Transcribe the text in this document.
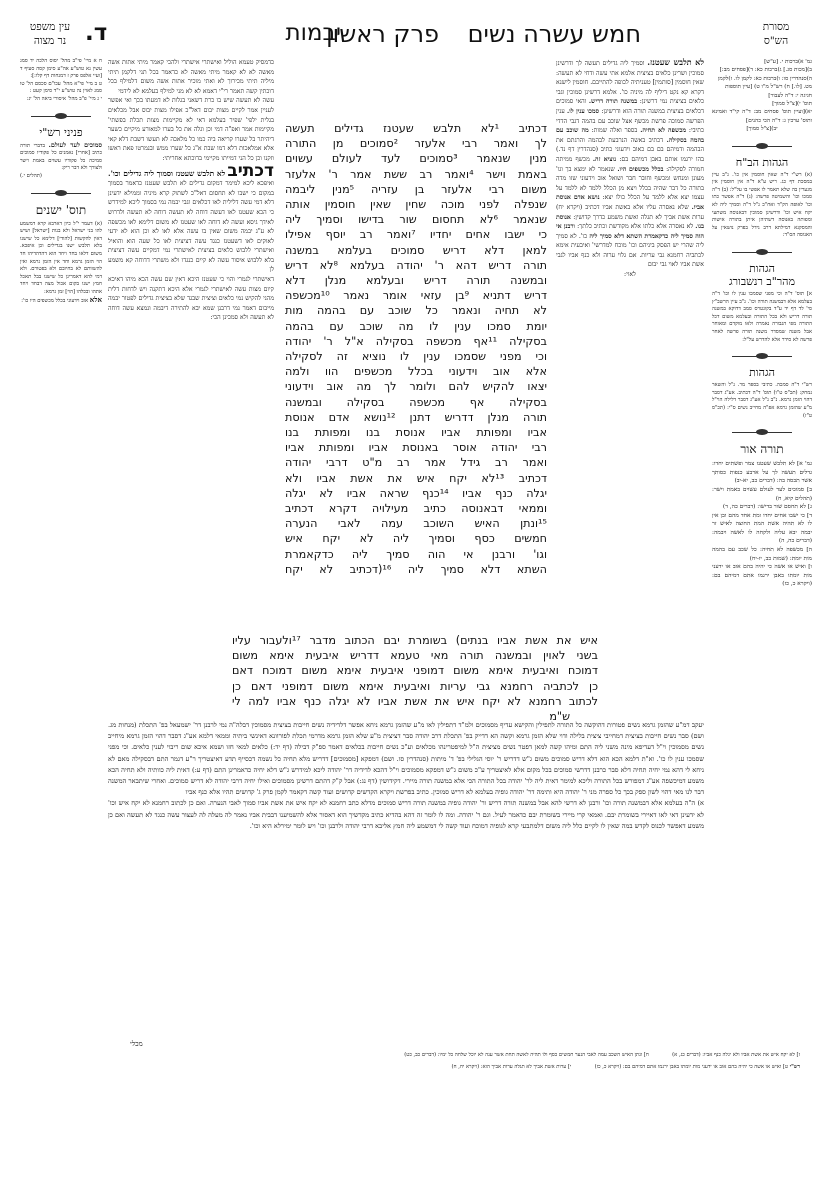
מסורת
הש"ס
חמש עשרה נשים
פרק ראשון
יבמות
ד.
עין משפט
נר מצוה
ח א מיי' פי"ב מהל' יסוס הלכה יד סמג עשין נא טוש"ע אה"ע סימן קסה סעיף ד [ועיי אלפס פרק ז דמנחות דף קלו:]:
ט ב מיי' פי"א מהל' עכו"ם סכסם הל' טו סמג לאוין נה טוש"ע י"ד סימן קעט :
י ג מיי' פ"ב מהל' איסורי ביאה הל' יג:
פניני רש"י
סמוכים לעד לעולם. בדברי תורה כתיב [אחרי] נאמנים כל פקודיו סמוכים סמיכה כל פקודיו עשוים באמת וישר ולצורך ולא דבר ריק:
(תהלים י.)
תוס' ישנים
(א) דעמר י"ל כיון דארבא קרא דמשמע להו בני ישראל ולא בנות [ישראל] ושיש דאין להקשות [להודי] דלימא כל שישנו בלא תלבש ישנו בגדילים וכן איפכא. משום דלאו בחד ויחד הוא דהדהדיהו חד הוי הזמן גרמא וחד אין הזמן גרמא ואין להשוותם לא בחיובם ולא בפטורם. ולא דמי להא דאמרינן כל שישנו בבל תאכל חמץ ישנו בקום אכול מצה דבחד ויחד אתהו ובכלהו [הוי] זמן גרמא:
אלא אוב וידעוני בכלל מכשפים היו כו':

כדמסיק טעמא הוליל ואישתרי אישתרי ולהכי קאמר מיתי אתות אשה מאשה לא לא קאמר מיתי מאשה לא כדאמר בכל תני דלקמן תיתי מיליה תיתי מכירוך לא ואתי מוכיר אתות אשה משום דלמילף בכל דוכתין קשה תאמר רי"י דאמא לא לא מני למילף בעלמא לא לידמי

עשה לא תעשה שיש בו כרת דשאני בגלות לא דמעתו בכך ואי אפשר לעניין אמר לקיים מצות יבום דאל"כ אפילו מצות יבוס אבל מכלאים בגלית ילפי' שפיר בעלמא דאי לא מקיימות מצות תכלת בפשתי' מקיימות אמר ואפ"ה דמי וכן וגלה את כל בערו למאורע מיקיים כשער דיהיתר בל שערו קריאה ביה כמו כל מלאכה לא תעשו דשבת דלא קאי אלא אמלאכות דלא דמו שבת א"נ כל שערו ממש ובנמרטו פאת ראשו וזקנו וכן כל הני דמייתו מקיימי בדוכתא אחריתי:

דכתיב לא תלבש שעטנז וסמוך ליה גדילים וכו'. ואיפכא ליכא למימר דמקום גדילים לא תלבש שעטנז כדאמר בסמוך במקום כי ישבו לא תחסום דאל"כ לשתוק קרא מיניה וממילא ידעינן דלא דמי עשה דלילית לאו דכלאים וגבי יבמה נמי בסמוך ליכא למידרש כי הכא שעטנז לאו דעשה דוחה לא תעשה דוחה לא תעשה ולדרוש לאידך גיסא ועשה לא דוחה לאו שעטנז לא משום דלימא לאו מכשפה לא ע"ג יבמה משום שאין בו עשה אלא לאו לא וכן הוא לא ידעי לאוקים לאו דשעטנז כנגד עשה דציצית לאו כל שעה הוא והואיל ואישתרי ללבוש כלאים בציצית לאישתרי נמי דמקיים עשה דציצית בלא ללבוש איסור עשה לא קיים כנגדו ולא משתרי דדוחה קא משמע לן

דאישתרי לגמרי והוי כי שעטנז היכא דאין שם עשה הכא מיהו דאיכא קיום מצות עשה לאישתרי לגמרי אלא היכא דתקנה ויש לדחות דלית מהני להקיש נמי כלאים וציצית שבגד שלא בציצית גדילים לפטור יבמה מייבום דאמר נמי דרבנן שמא יבא להתירה דיבמה ונמצא עשה דוחה לא תעשה ולא סמכינן הכי:

דכתיב ¹לא תלבש שעטנז גדילים תעשה
לך ואמר רבי אלעזר ²סמוכים מן התורה
מנין שנאמר ³סמוכים לעד לעולם עשוים
באמת וישר ⁴ואמר רב ששת אמר ר' אלעזר
משום רבי אלעזר בן עזריה ⁵מנין ליבמה
שנפלה לפני מוכה שחין שאין חוסמין אותה
שנאמר ⁶לא תחסום שור בדישו וסמיך ליה
כי ישבו אחים יחדיו ⁷ואמר רב יוסף אפילו
למאן דלא דריש סמוכים בעלמא במשנה
תורה דריש דהא ר' יהודה בעלמא ⁸לא דריש
ובמשנה תורה דריש ובעלמא מנלן דלא
דריש דתניא ⁹בן עזאי אומר נאמר ¹⁰מכשפה
לא תחיה ונאמר כל שוכב עם בהמה מות
יומת סמכו ענין לו מה שוכב עם בהמה
בסקילה ¹¹אף מכשפה בסקילה א"ל ר' יהודה
וכי מפני שסמכו ענין לו נוציא זה לסקילה
אלא אוב וידעוני בכלל מכשפים הוו ולמה
יצאו להקיש להם ולומר לך מה אוב וידעוני
בסקילה אף מכשפה בסקילה ובמשנה
תורה מנלן דדריש דתנן ¹²נושא אדם אנוסת
אביו ומפותת אביו אנוסת בנו ומפותת בנו
רבי יהודה אוסר באנוסת אביו ומפותת אביו
ואמר רב גידל אמר רב מ"ט דרבי יהודה
דכתיב ¹³לא יקח איש את אשת אביו ולא
יגלה כנף אביו ¹⁴כנף שראה אביו לא יגלה
וממאי דבאנוסה כתיב מעילויה דקרא דכתיב
¹⁵ונתן האיש השוכב עמה לאבי הנערה
חמשים כסף וסמיך ליה לא יקח איש
וגו' ורבנן אי הוה סמיך ליה כדקאמרת
השתא דלא סמיך ליה ¹⁶(דכתיב לא יקח
איש את אשת אביו בנתים) בשומרת יבם הכתוב מדבר ¹⁷ולעבור עליו
בשני לאוין ובמשנה תורה מאי טעמא דדריש איבעית אימא משום
דמוכח ואיבעית אימא משום דמופני איבעית אימא משום דמוכח דאם
כן לכתביה רחמנא גבי עריות ואיבעית אימא משום דמופני דאם כן
לכתוב רחמנא לא יקח איש את אשת אביו לא יגלה כנף אביו למה לי
ש"מ

לא תלבש שעטנז. וסמיך ליה גדילים תעשה לך ודרשינן סמוכין ושרינן כלאים בציצית אלמא אתי עשה ודחי לא תעשה: שאין חוסמין [סותמין] טעניתיה לכופה להתייבם. חוסמין לישנא דקרא קא נקט דיליף לה מיניה כו'. אלמא דרשינן סמוכין וגבי כלאים בציצית נמי דרשינן: במשנה תורה דריש. והאי סמוכים דכלאים בציצית במשנה תורה הוא ודרשינן: סמכו ענין לו. ענין הפרשה סמוכה פרשת מכשף אצל שוכב עם בהמה דגבי הדדי כתיבי: מכשפה לא תחיה. בספר ואלה שמות: מה שוכב עם בהמה בסקילה. דכתיב באשה הנרבעת לבהמה והרגתם את הבהמה ודמיהם בם בם כאוב וידעוני כתיב (סנהדרין דף נד.) בהו ירגמו אותם באבן דמיהם בם: נוציא זה. מכשף ממיתה חמורה לסקילה: בכלל מכשפים היו. שנאמר לא ימצא בך וגו' מעונן ומנחש ומכשף וחובר חבר ושואל אוב וידעוני שזו מדה בתורה כל דבר שהיה בכלל ויצא מן הכלל ללמד לא ללמד על עצמו יצא אלא ללמד על הכלל כולו יצא: נושא אדם אנוסת אביו. שלא נאסרה עליו אלא באשת אביו דכתיב (ויקרא יח) ערות אשת אביך לא תגלה ואשת משמע כדרך קדושין: אנוסת בנו. לא נאסרה אלא כלתו אלא מקודשת וכתיב כלתך: ורבנן אי הוה סמיך ליה כדקאמרת השתא דלא סמיך ליה כו'. לא סמיך ליה שהרי יש הפסק ביניהם וכו' מוכח למדרשי' ואיבעית אימא לכתביה רחמנא גבי עריות. אם גלוי ערוה ולא כנף אביו לגבי אשת אביו לאוי גבי יבום

לאוי:

גמ' א)ברכות י. [ע"ש]
ב)[מכות סג.] ג)ברכות כא: ד)[פסחים מב:]
ה)סנהדרין סו: ו)ברכות כא: לקמן לו. ז)לקמן
מט. [לו.] ח) רש"ל מ"ו ט) [עיין תוספות
חגיגה י: ד"ה לעבור]
תוס' י)[צ"ל סמוך]
יא)[ועיין תוס' פסחים מב: ד"ה קי"ד ואמינא ותוס' ערכין ג: ד"ה הכי כהנים]
יב)[צ"ל סמוך]
הגהות הב"ח
(א) רש"י ד"ה שאין חוסמין אין כו'. נ"ב עיין במסכת דף כג. ריש ע"א ד"ה אין חוסמין אין מגערין בה שלא תאמר לו אפשי בו על"ל: (ב) ד"ה סמכו וכו' והשמיטה פרשה: (ג) ד"ה אפשר כתו וכו' לאופה הק"ד ואח"כ נ"ל ד"ה וסמיך ליה לא יקח איש וכו' ודרשינן סמוכין דבאנוסה משתעי ומפותה באנוסה דשתיהן איתן בתורה אישות והמסקנא דמילתא דרב גידל בפרק נושאין על האנוסה הס"ד:
הגהות
מהר"ב רנשבורג
א] תוס' ד"ה וכי מפני שסמכו ענין לו וכו' ד"ה בעלמא אלא דבמשנה תורה וכו'. נ"ב עיין הרשב"ץ סי' לד דף יד ע"ד בקונטרס סמב דדוקא במשנה תורה דריש ולא בכל התורה ובעלמא משום דכל התורה מפי הגבורה נאמרה ולאו מוקדם ומאוחר אבל משנה שמסדר משנה תורה פרשה לאחר פרשה לא סידר אלא להדרש על"ל:
הגהות
רש"י ד"ה סמכה. כתיבי בספר מר. נ"ל והשאר נמחק: (תכ"ס ט"ו) תוס' ד"ה דכתיב. אע"ג דסבר דהוי הזמן גרמא. נ"ב נ"ל אע"ג דסבר דלילה הוי"ל מ"ע שהזמן גרמא אפ"ה מחייב נשים ס"י: (תכ"ס ט"ז)
תורה אור
גמ' א] לא תלבש שעטנז צמר ופשתים יחדו: גדלים תעשה לך על ארבע כנפות כסותך אשר תכסה בה: (דברים כב, יא-יב)
ב] סמוכים לעד לעולם עשוים באמת וישר: (תהלים קיא, ח)
ג] לא תחסם שור בדישו: (דברים כה, ד)
ד] כי ישבו אחים יחדו ומת אחד מהם ובן אין לו לא תהיה אשת המת החוצה לאיש זר יבמה יבא עליה ולקחה לו לאשה ויבמה: (דברים כה, ה)
ה] מכשפה לא תחיה: כל שכב עם בהמה מות יומת: (שמות כב, יז-יח)
ו] ואיש או אשה כי יהיה בהם אוב או ידעני מות יומתו באבן ירגמו אתם דמיהם בם: (ויקרא כ, כז)

יעקב דמ"ע שהזמן גרמא נשים פטורות דהוקשה כל התורה לתפילין והקישא עדיף מסמוכים ולמ"ד דתפילין לאו מ"ע שהזמן גרמא ניחא אפשר דלדידיה נשים חייבות בציצית מסמוכין דבלה"ה נמי לרבנן דר' ישמעאל בפ' התכלת (מנחות מג. ושם) סבר נשים חייבות בציצית דמחייבי ציצית בלילה ודוי שלא הזמן גרמא וקשה הא דדייק בפ' התכלת דרב יהודה סבר דציצית מ"ע שלא הזמן גרמא מדרמי תכלת לפורוונא דאינשי ביתיה וממאי דלמא אע"ג דסבר דהוי הזמן גרמא מיחייב נשים מסמוכין וי"ל דעדיפא מינה משני ליה התם ומיהו קשה למאן דפטר נשים מציצית ה"ל למיפטרינהו מכלאים וע"כ נשים חייבות בכלאים דאמר ספ"ק דבילה (דף יד:) כלאים למאי חזו ושמא איכא שום ריבוי לענין כלאים. וכי מפני שסמכו ענין לו כו'. וא"ת דלמא הכא הוא דלא דריש סמוכים משום ג"ש דדריש ר' יוסי הגלילי בפ' ד' מיתות (סנהדרין סו. ושם) דמפקא [מסמוכים] דדריש מלא תחיה כל נשמה דכסייף תדע דאיצטריך ר"ע דגמר התם דבסקילה מאם לא ניחא לי דהא נמי יחיה תחיה דלא סבר כרבנן דדרשי סמוכים בכל מקום אלא לאיצטריך ע"כ משום ג"ש דמפקא מסמוכים וי"ל דהכא לדידיה דר' יהודה ליכא למידרש ג"ש דלא יחיה כדאמרינן התם (דף ע:) דאית ליה כוותיה ולא תחיה הכא משמע דמיכשפה אע"ג דמפורש בכל התורה וליכא למימר דאית ליה לר' יהודה בכל התורה הכי אלא במשנה תורה מיירי. דקידושין (דף נג:) אבל ק"ק דהתם דרשינן מסמוכים ואילו יחיה דרבי יהודה לא דריש סמוכים. ואחרי שיתבאר המשנה דבר לנו מאי דהוי לשון ספק בכך כל ספרה מני ר' יהודה היא ותימה דר' יהודה גופיה בעלמא לא דריש סמוכין. כתיב בפרשת ויקרא הקדשים קדושים ועוד קשה דקאמר לקמן פרק ג' קדושים תהיו אלא כנף אביו

א) ה"ה בעלמא אלא דבמשנה תורה וכו' ורבנן לא דרשי להא אבל במשנה תורה דריש ור' יהודה גופיה במשנה תורה דריש סמוכים מדלא כתב רחמנא לא יקח איש את אשת אביו סמוך לאבי הנערה. ואם כן לכתוב רחמנא לא יקח איש וכו' לא ידעינן דאי לאו דאיירי בשומרת יבם. ואמאי קרי מיירי בשומרת יבם כדאמר לעיל. וגם ר' יהודה. ומה לו לומר זה דהא בהדיא כתיב מקדשיך הוא דאסור אלא להשמיענו דבבית אביו נאמר לה מעלה לה לעצור עשה כנגד לא תעשה ואם כן משמע דאפשר לכנוס לקדש במה שאין לו לקיים כלל ליה משום דלמתבעי קרא לגופיה דמוכח ועוד קשה לי דמשמע ליה חמץ אליבא דרבי יהודה ולרבנן וכו' ויש לומר ימירלא היא וכו'.

מכלי
ז] לא יקח איש את אשת אביו ולא יגלה כנף אביו: (דברים כג, א)  ח] ונתן האיש השכב עמה לאבי הנער חמשים כסף ולו תהיה לאשה תחת אשר ענה לא יוכל שלחה כל ימיו: (דברים כב, כט)
רש"י ט] ואיש או אשה כי יהיה בהם אוב או ידעני מות יומתו באבן ירגמו אתם דמיהם בם: (ויקרא כ, כז)  י] ערות אשת אביך לא תגלה ערות אביך הוא: (ויקרא יח, ח)
